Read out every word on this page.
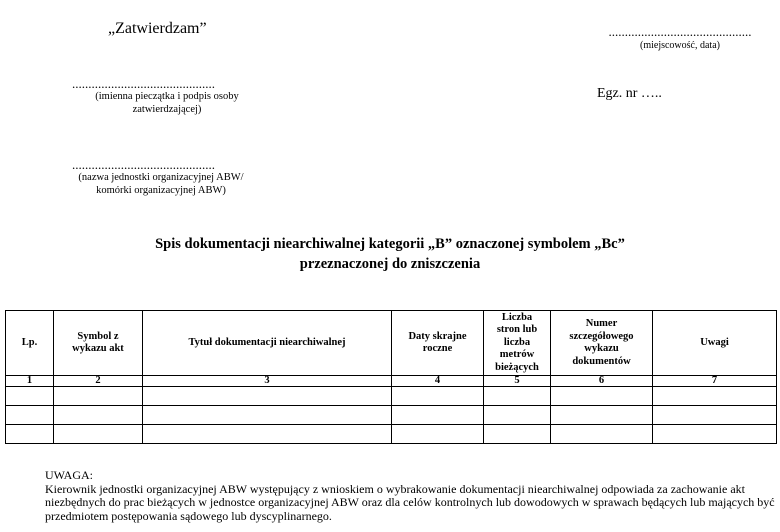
„Zatwierdzam”	............................................
(miejscowość, data)
............................................
(imienna pieczątka i podpis osoby zatwierdzającej)
Egz. nr …..
............................................
(nazwa jednostki organizacyjnej ABW/ komórki organizacyjnej ABW)
Spis dokumentacji niearchiwalnej kategorii „B” oznaczonej symbolem „Bc”
przeznaczonej do zniszczenia
Lp.	Symbol z wykazu akt	Tytuł dokumentacji niearchiwalnej	Daty skrajne roczne	Liczba stron lub liczba metrów bieżących	Numer szczegółowego wykazu dokumentów	Uwagi
1	2	3	4	5	6	7

UWAGA:
Kierownik jednostki organizacyjnej ABW występujący z wnioskiem o wybrakowanie dokumentacji niearchiwalnej odpowiada za zachowanie akt niezbędnych do prac bieżących w jednostce organizacyjnej ABW oraz dla celów kontrolnych lub dowodowych w sprawach będących lub mających być przedmiotem postępowania sądowego lub dyscyplinarnego.
